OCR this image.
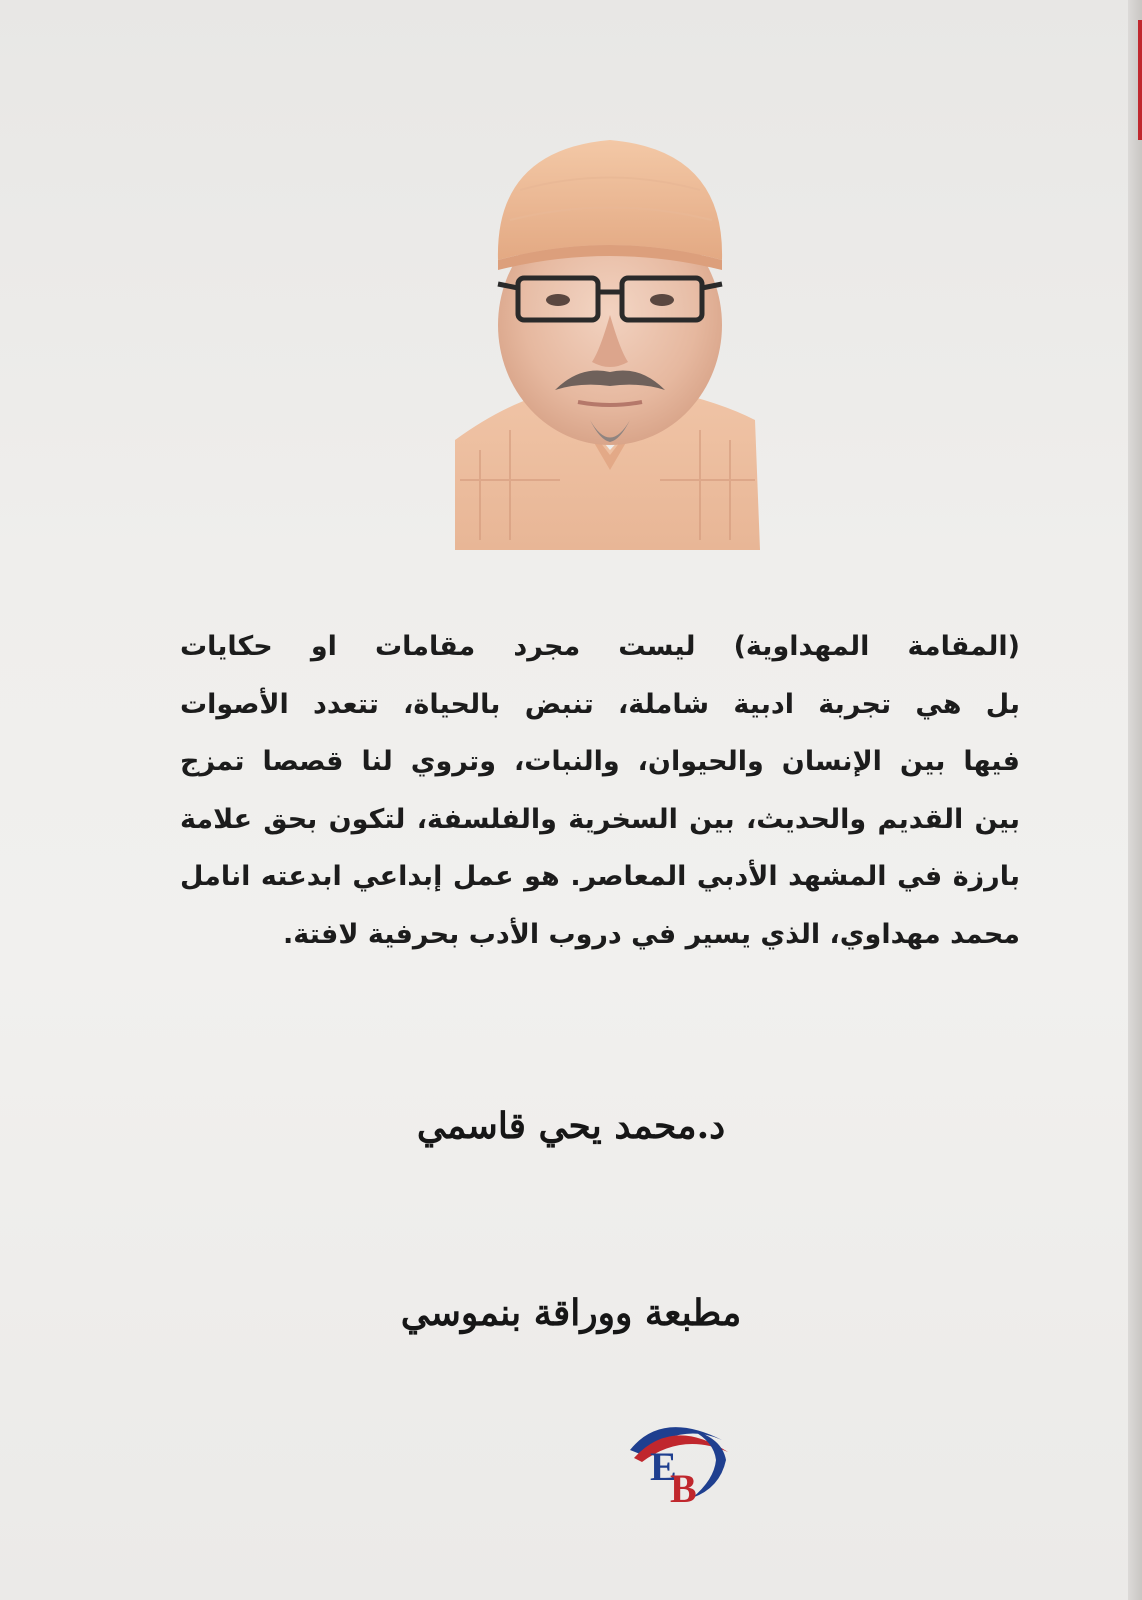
(المقامة المهداوية) ليست مجرد مقامات او حكايات
بل هي تجربة ادبية شاملة، تنبض بالحياة، تتعدد الأصوات
فيها بين الإنسان والحيوان، والنبات، وتروي لنا قصصا تمزج
بين القديم والحديث، بين السخرية والفلسفة، لتكون بحق علامة
بارزة في المشهد الأدبي المعاصر. هو عمل إبداعي ابدعته انامل
محمد مهداوي، الذي يسير في دروب الأدب بحرفية لافتة.
د.محمد يحي قاسمي
مطبعة ووراقة بنموسي
E
B
